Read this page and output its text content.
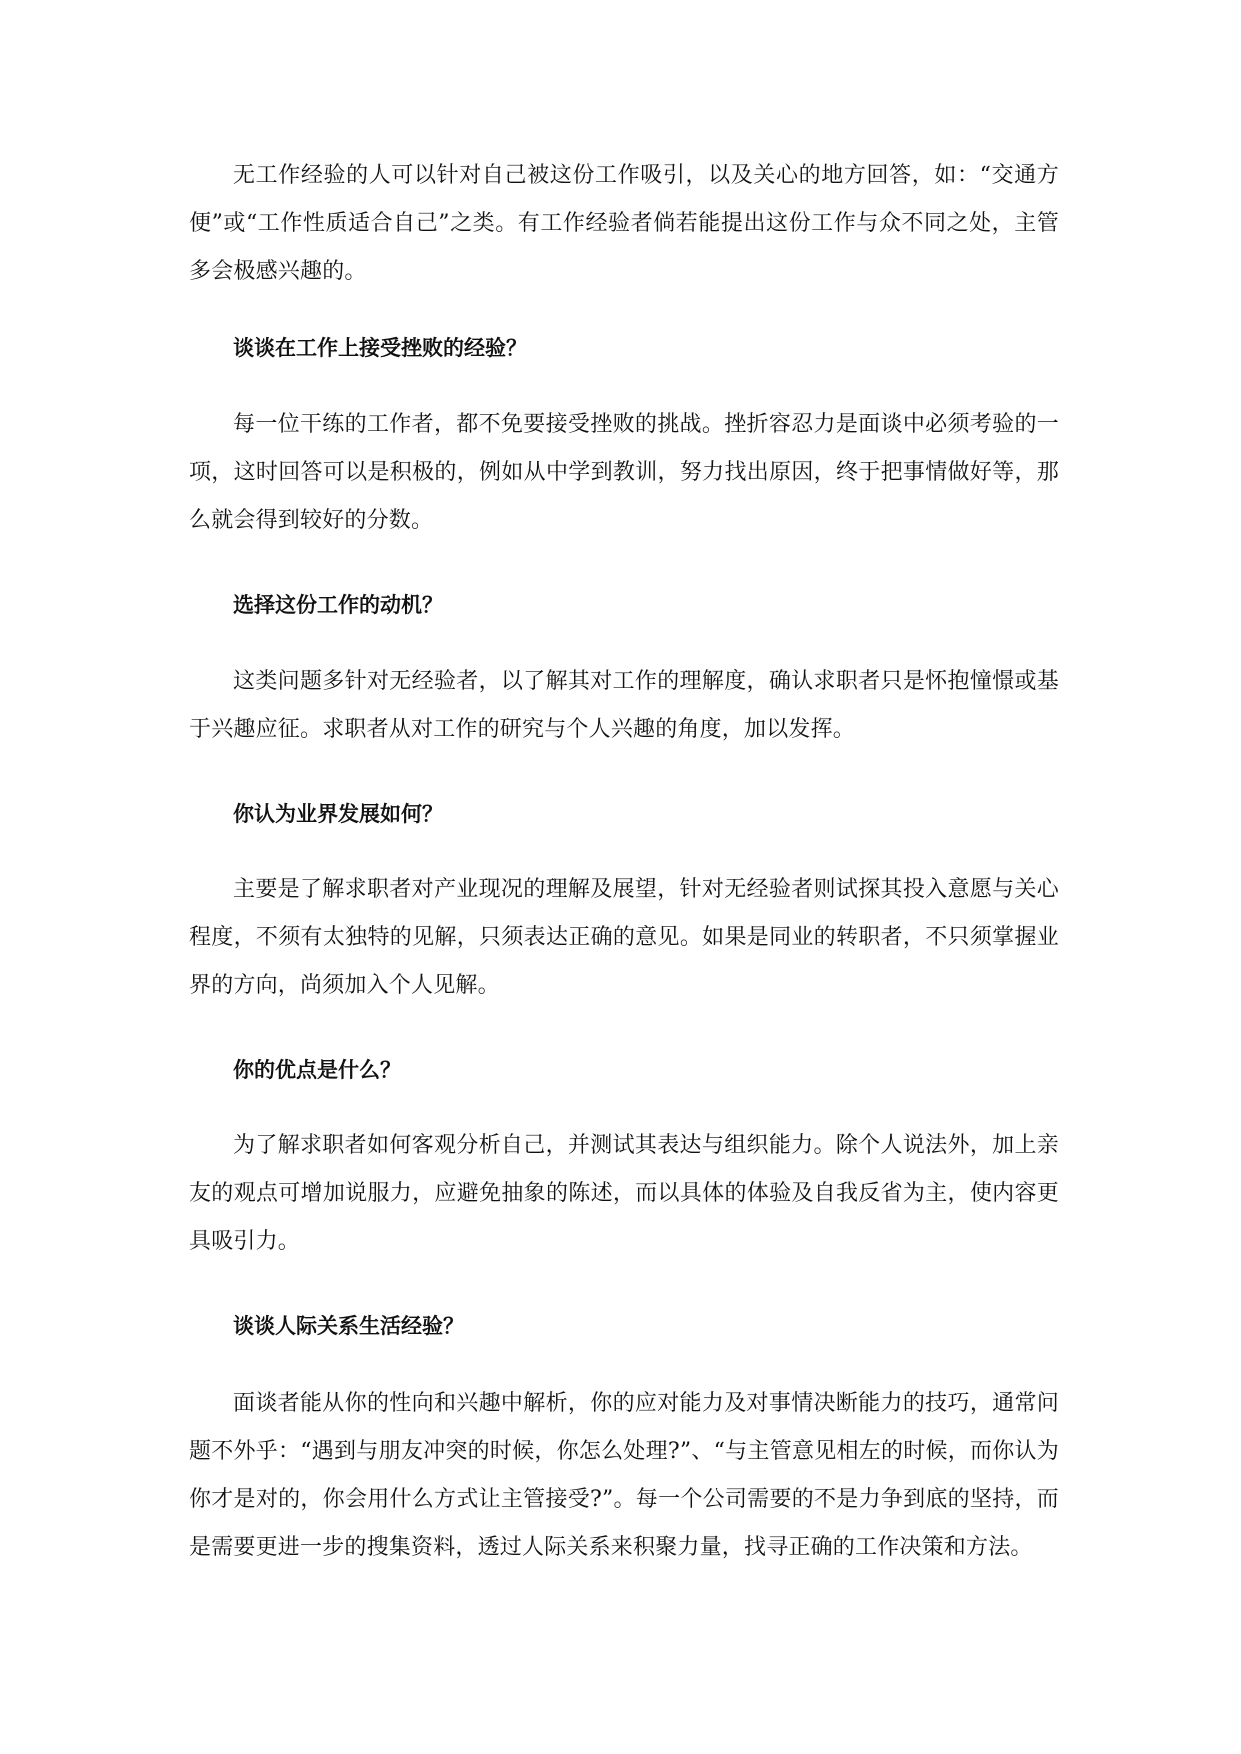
无工作经验的人可以针对自己被这份工作吸引，以及关心的地方回答，如：“交通方便”或“工作性质适合自己”之类。有工作经验者倘若能提出这份工作与众不同之处，主管多会极感兴趣的。

谈谈在工作上接受挫败的经验？

每一位干练的工作者，都不免要接受挫败的挑战。挫折容忍力是面谈中必须考验的一项，这时回答可以是积极的，例如从中学到教训，努力找出原因，终于把事情做好等，那么就会得到较好的分数。

选择这份工作的动机？

这类问题多针对无经验者，以了解其对工作的理解度，确认求职者只是怀抱憧憬或基于兴趣应征。求职者从对工作的研究与个人兴趣的角度，加以发挥。

你认为业界发展如何？

主要是了解求职者对产业现况的理解及展望，针对无经验者则试探其投入意愿与关心程度，不须有太独特的见解，只须表达正确的意见。如果是同业的转职者，不只须掌握业界的方向，尚须加入个人见解。

你的优点是什么？

为了解求职者如何客观分析自己，并测试其表达与组织能力。除个人说法外，加上亲友的观点可增加说服力，应避免抽象的陈述，而以具体的体验及自我反省为主，使内容更具吸引力。

谈谈人际关系生活经验？

面谈者能从你的性向和兴趣中解析，你的应对能力及对事情决断能力的技巧，通常问题不外乎：“遇到与朋友冲突的时候，你怎么处理?”、“与主管意见相左的时候，而你认为你才是对的，你会用什么方式让主管接受?”。每一个公司需要的不是力争到底的坚持，而是需要更进一步的搜集资料，透过人际关系来积聚力量，找寻正确的工作决策和方法。
